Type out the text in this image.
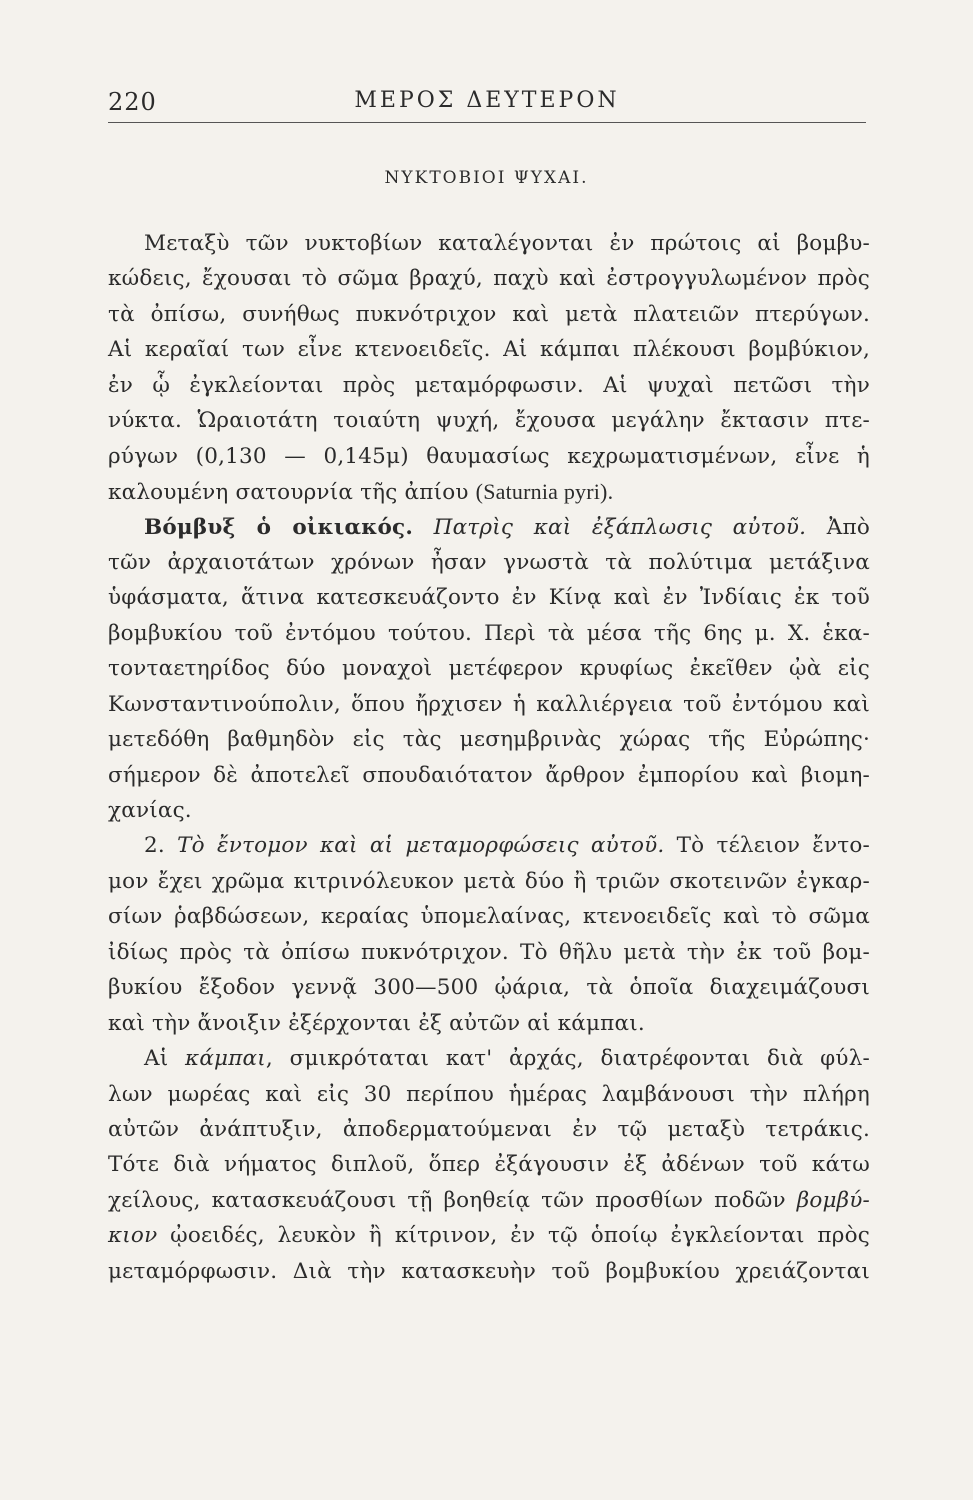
220	ΜΕΡΟΣ ΔΕΥΤΕΡΟΝ
ΝΥΚΤΟΒΙΟΙ ΨΥΧΑΙ.
Μεταξὺ τῶν νυκτοβίων καταλέγονται ἐν πρώτοις αἱ βομβυ-
κώδεις, ἔχουσαι τὸ σῶμα βραχύ, παχὺ καὶ ἐστρογγυλωμένον πρὸς
τὰ ὀπίσω, συνήθως πυκνότριχον καὶ μετὰ πλατειῶν πτερύγων.
Αἱ κεραῖαί των εἶνε κτενοειδεῖς. Αἱ κάμπαι πλέκουσι βομβύκιον,
ἐν ᾧ ἐγκλείονται πρὸς μεταμόρφωσιν. Αἱ ψυχαὶ πετῶσι τὴν
νύκτα. Ὡραιοτάτη τοιαύτη ψυχή, ἔχουσα μεγάλην ἔκτασιν πτε-
ρύγων (0,130 — 0,145μ) θαυμασίως κεχρωματισμένων, εἶνε ἡ
καλουμένη σατουρνία τῆς ἀπίου (Saturnia pyri).
Βόμβυξ ὁ οἰκιακός. Πατρὶς καὶ ἐξάπλωσις αὐτοῦ. Ἀπὸ
τῶν ἀρχαιοτάτων χρόνων ἦσαν γνωστὰ τὰ πολύτιμα μετάξινα
ὑφάσματα, ἅτινα κατεσκευάζοντο ἐν Κίνᾳ καὶ ἐν Ἰνδίαις ἐκ τοῦ
βομβυκίου τοῦ ἐντόμου τούτου. Περὶ τὰ μέσα τῆς 6ης μ. Χ. ἑκα-
τονταετηρίδος δύο μοναχοὶ μετέφερον κρυφίως ἐκεῖθεν ᾠὰ εἰς
Κωνσταντινούπολιν, ὅπου ἤρχισεν ἡ καλλιέργεια τοῦ ἐντόμου καὶ
μετεδόθη βαθμηδὸν εἰς τὰς μεσημβρινὰς χώρας τῆς Εὐρώπης·
σήμερον δὲ ἀποτελεῖ σπουδαιότατον ἄρθρον ἐμπορίου καὶ βιομη-
χανίας.
2. Τὸ ἔντομον καὶ αἱ μεταμορφώσεις αὐτοῦ. Τὸ τέλειον ἔντο-
μον ἔχει χρῶμα κιτρινόλευκον μετὰ δύο ἢ τριῶν σκοτεινῶν ἐγκαρ-
σίων ῥαβδώσεων, κεραίας ὑπομελαίνας, κτενοειδεῖς καὶ τὸ σῶμα
ἰδίως πρὸς τὰ ὀπίσω πυκνότριχον. Τὸ θῆλυ μετὰ τὴν ἐκ τοῦ βομ-
βυκίου ἔξοδον γεννᾷ 300—500 ᾠάρια, τὰ ὁποῖα διαχειμάζουσι
καὶ τὴν ἄνοιξιν ἐξέρχονται ἐξ αὐτῶν αἱ κάμπαι.
Αἱ κάμπαι, σμικρόταται κατ' ἀρχάς, διατρέφονται διὰ φύλ-
λων μωρέας καὶ εἰς 30 περίπου ἡμέρας λαμβάνουσι τὴν πλήρη
αὐτῶν ἀνάπτυξιν, ἀποδερματούμεναι ἐν τῷ μεταξὺ τετράκις.
Τότε διὰ νήματος διπλοῦ, ὅπερ ἐξάγουσιν ἐξ ἀδένων τοῦ κάτω
χείλους, κατασκευάζουσι τῇ βοηθείᾳ τῶν προσθίων ποδῶν βομβύ-
κιον ᾠοειδές, λευκὸν ἢ κίτρινον, ἐν τῷ ὁποίῳ ἐγκλείονται πρὸς
μεταμόρφωσιν. Διὰ τὴν κατασκευὴν τοῦ βομβυκίου χρειάζονται
